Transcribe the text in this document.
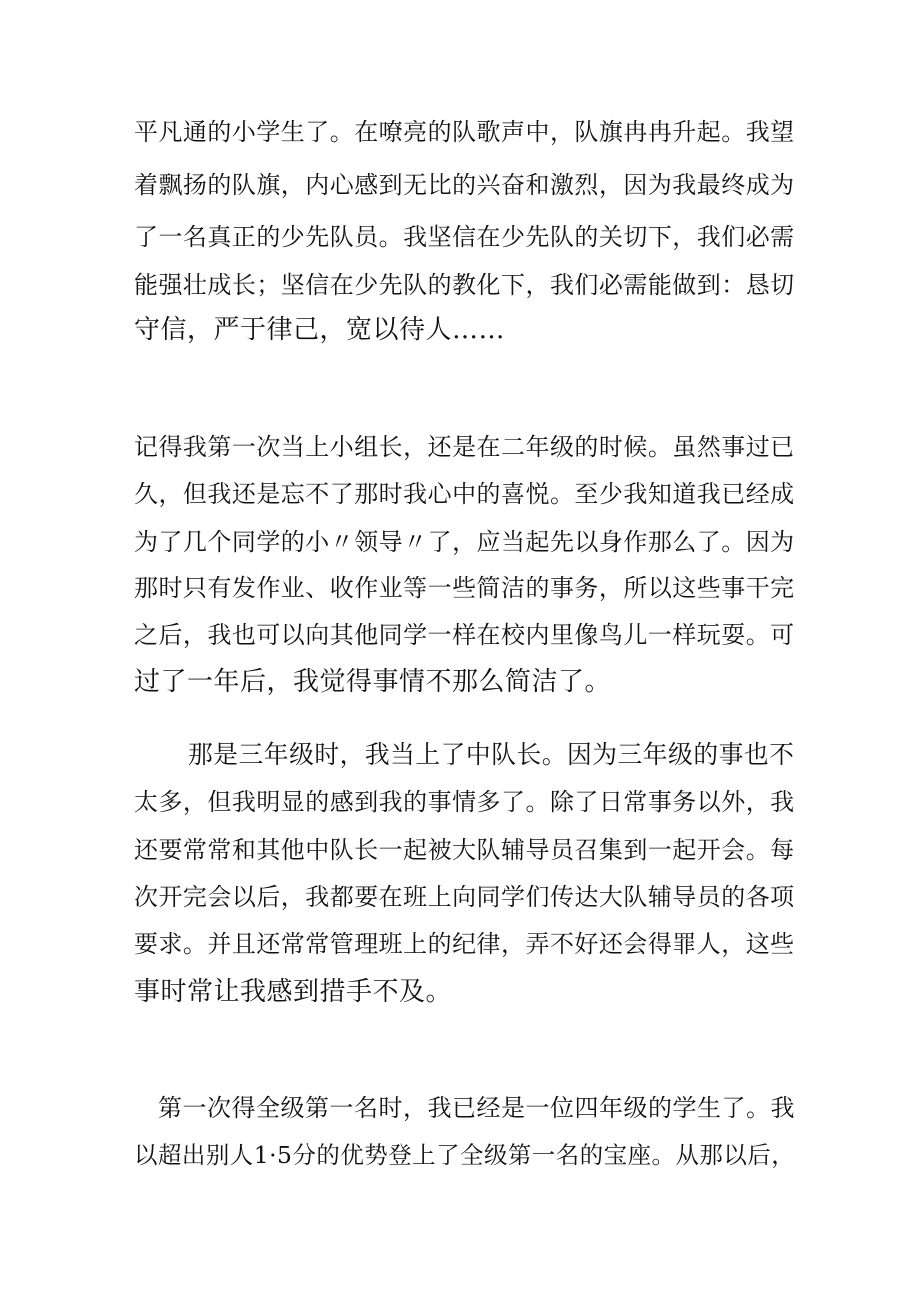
平凡通的小学生了。在嘹亮的队歌声中，队旗冉冉升起。我望
着飘扬的队旗，内心感到无比的兴奋和激烈，因为我最终成为
了一名真正的少先队员。我坚信在少先队的关切下，我们必需
能强壮成长；坚信在少先队的教化下，我们必需能做到：恳切
守信，严于律己，宽以待人……
记得我第一次当上小组长，还是在二年级的时候。虽然事过已
久，但我还是忘不了那时我心中的喜悦。至少我知道我已经成
为了几个同学的小〃领导〃了，应当起先以身作那么了。因为
那时只有发作业、收作业等一些简洁的事务，所以这些事干完
之后，我也可以向其他同学一样在校内里像鸟儿一样玩耍。可
过了一年后，我觉得事情不那么简洁了。
那是三年级时，我当上了中队长。因为三年级的事也不
太多，但我明显的感到我的事情多了。除了日常事务以外，我
还要常常和其他中队长一起被大队辅导员召集到一起开会。每
次开完会以后，我都要在班上向同学们传达大队辅导员的各项
要求。并且还常常管理班上的纪律，弄不好还会得罪人，这些
事时常让我感到措手不及。
第一次得全级第一名时，我已经是一位四年级的学生了。我
以超出别人1·5分的优势登上了全级第一名的宝座。从那以后，
